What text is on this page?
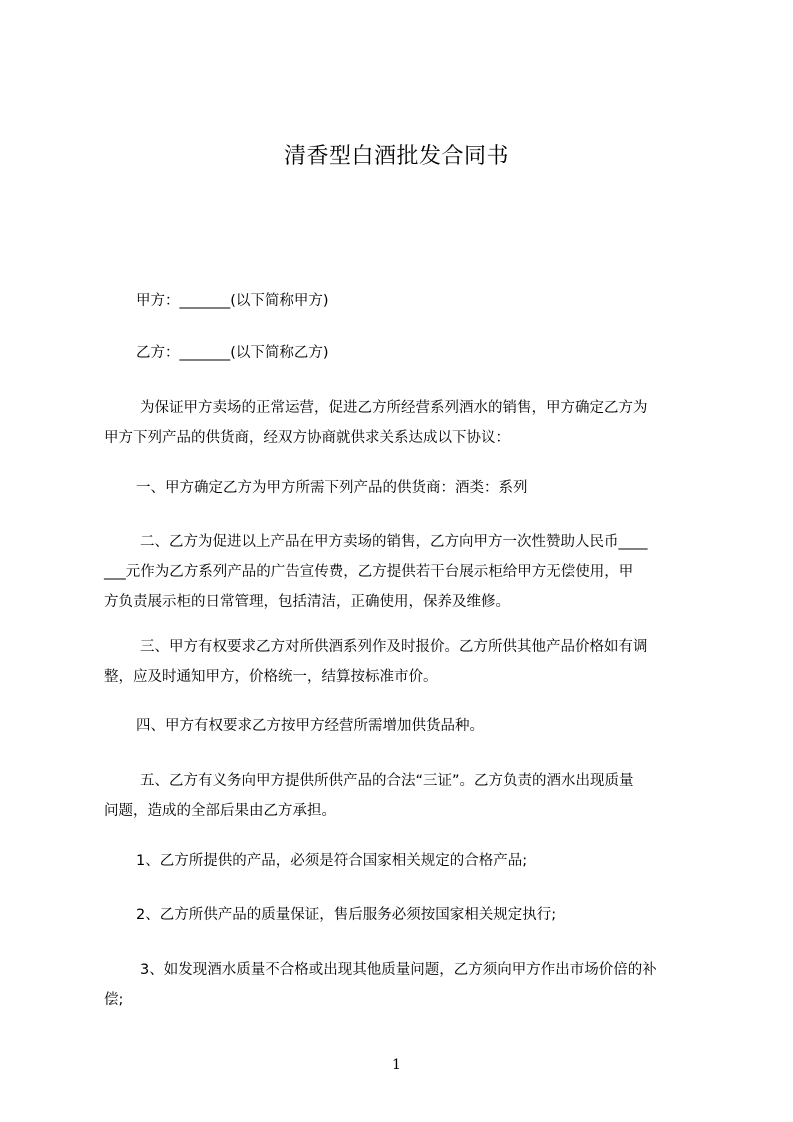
清香型白酒批发合同书
甲方：_______(以下简称甲方)
乙方：_______(以下简称乙方)
为保证甲方卖场的正常运营，促进乙方所经营系列酒水的销售，甲方确定乙方为
甲方下列产品的供货商，经双方协商就供求关系达成以下协议：
一、甲方确定乙方为甲方所需下列产品的供货商：酒类：系列
二、乙方为促进以上产品在甲方卖场的销售，乙方向甲方一次性赞助人民币____
___元作为乙方系列产品的广告宣传费，乙方提供若干台展示柜给甲方无偿使用，甲
方负责展示柜的日常管理，包括清洁，正确使用，保养及维修。
三、甲方有权要求乙方对所供酒系列作及时报价。乙方所供其他产品价格如有调
整，应及时通知甲方，价格统一，结算按标准市价。
四、甲方有权要求乙方按甲方经营所需增加供货品种。
五、乙方有义务向甲方提供所供产品的合法“三证”。乙方负责的酒水出现质量
问题，造成的全部后果由乙方承担。
1、乙方所提供的产品，必须是符合国家相关规定的合格产品;
2、乙方所供产品的质量保证，售后服务必须按国家相关规定执行;
3、如发现酒水质量不合格或出现其他质量问题，乙方须向甲方作出市场价倍的补
偿;
1
